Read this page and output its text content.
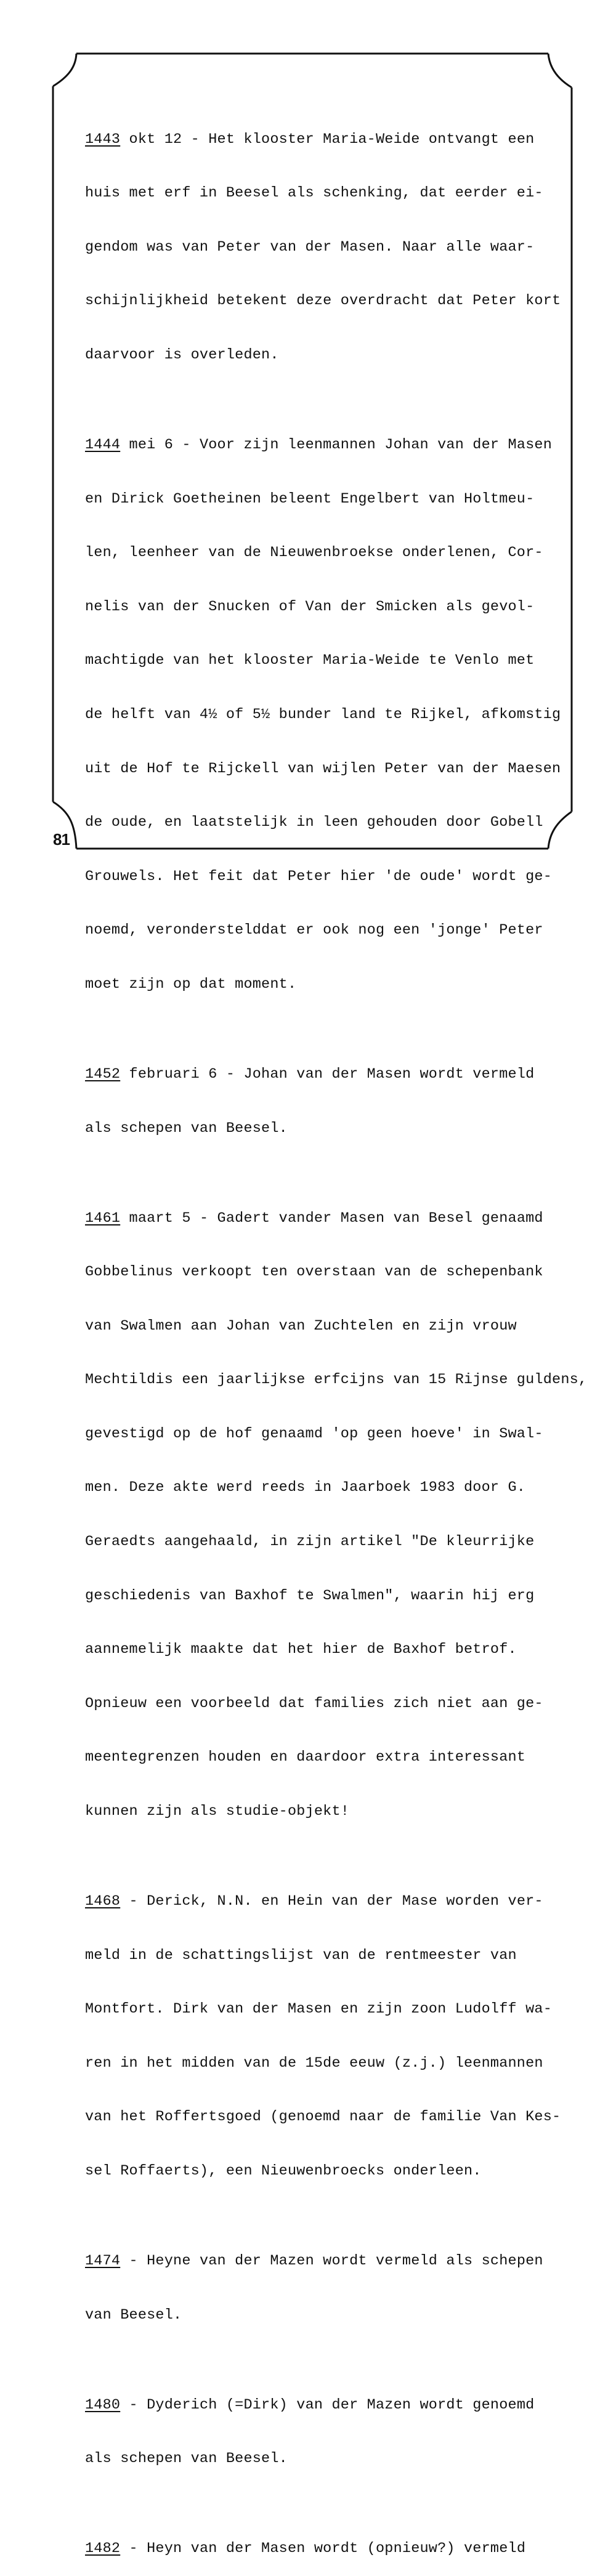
1443 okt 12 - Het klooster Maria-Weide ontvangt een

huis met erf in Beesel als schenking, dat eerder ei-

gendom was van Peter van der Masen. Naar alle waar-

schijnlijkheid betekent deze overdracht dat Peter kort

daarvoor is overleden.

1444 mei 6 - Voor zijn leenmannen Johan van der Masen

en Dirick Goetheinen beleent Engelbert van Holtmeu-

len, leenheer van de Nieuwenbroekse onderlenen, Cor-

nelis van der Snucken of Van der Smicken als gevol-

machtigde van het klooster Maria-Weide te Venlo met

de helft van 4½ of 5½ bunder land te Rijkel, afkomstig

uit de Hof te Rijckell van wijlen Peter van der Maesen

de oude, en laatstelijk in leen gehouden door Gobell

Grouwels. Het feit dat Peter hier 'de oude' wordt ge-

noemd, veronderstelddat er ook nog een 'jonge' Peter

moet zijn op dat moment.

1452 februari 6 - Johan van der Masen wordt vermeld

als schepen van Beesel.

1461 maart 5 - Gadert vander Masen van Besel genaamd

Gobbelinus verkoopt ten overstaan van de schepenbank

van Swalmen aan Johan van Zuchtelen en zijn vrouw

Mechtildis een jaarlijkse erfcijns van 15 Rijnse guldens,

gevestigd op de hof genaamd 'op geen hoeve' in Swal-

men. Deze akte werd reeds in Jaarboek 1983 door G.

Geraedts aangehaald, in zijn artikel "De kleurrijke

geschiedenis van Baxhof te Swalmen", waarin hij erg

aannemelijk maakte dat het hier de Baxhof betrof.

Opnieuw een voorbeeld dat families zich niet aan ge-

meentegrenzen houden en daardoor extra interessant

kunnen zijn als studie-objekt!

1468 - Derick, N.N. en Hein van der Mase worden ver-

meld in de schattingslijst van de rentmeester van

Montfort. Dirk van der Masen en zijn zoon Ludolff wa-

ren in het midden van de 15de eeuw (z.j.) leenmannen

van het Roffertsgoed (genoemd naar de familie Van Kes-

sel Roffaerts), een Nieuwenbroecks onderleen.

1474 - Heyne van der Mazen wordt vermeld als schepen

van Beesel.

1480 - Dyderich (=Dirk) van der Mazen wordt genoemd

als schepen van Beesel.

1482 - Heyn van der Masen wordt (opnieuw?) vermeld

81
